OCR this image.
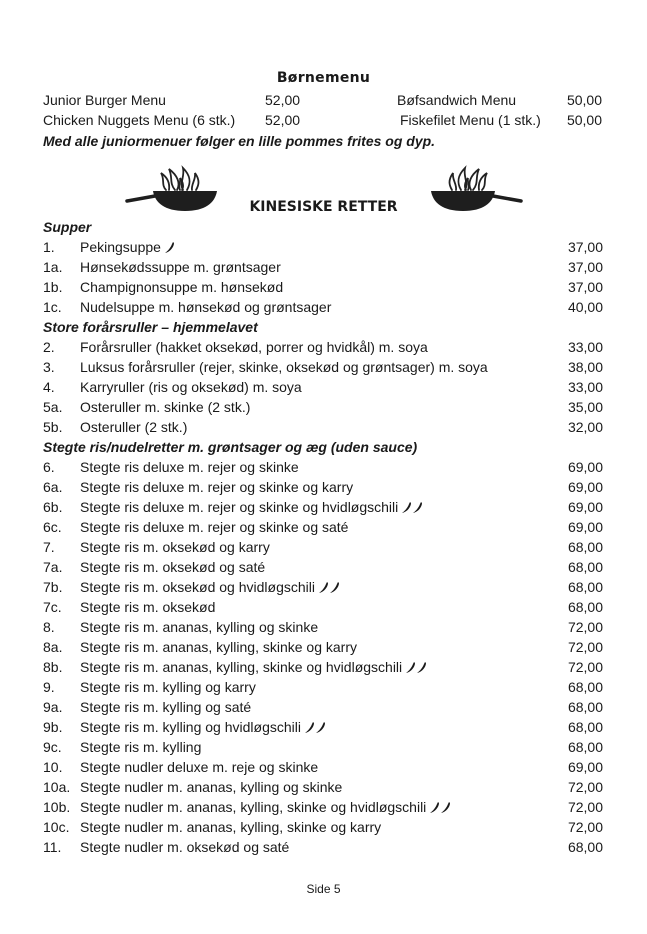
Børnemenu
Junior Burger Menu	52,00	Bøfsandwich Menu	50,00
Chicken Nuggets Menu (6 stk.) 52,00	Fiskefilet Menu (1 stk.) 50,00
Med alle juniormenuer følger en lille pommes frites og dyp.
KINESISKE RETTER
Supper
1. Pekingsuppe	37,00
1a. Hønsekødssuppe m. grøntsager	37,00
1b. Champignonsuppe m. hønsekød	37,00
1c. Nudelsuppe m. hønsekød og grøntsager	40,00
Store forårsruller – hjemmelavet
2. Forårsruller (hakket oksekød, porrer og hvidkål) m. soya	33,00
3. Luksus forårsruller (rejer, skinke, oksekød og grøntsager) m. soya	38,00
4. Karryruller (ris og oksekød) m. soya	33,00
5a. Osteruller m. skinke (2 stk.)	35,00
5b. Osteruller (2 stk.)	32,00
Stegte ris/nudelretter m. grøntsager og æg (uden sauce)
6. Stegte ris deluxe m. rejer og skinke	69,00
6a. Stegte ris deluxe m. rejer og skinke og karry	69,00
6b. Stegte ris deluxe m. rejer og skinke og hvidløgschili	69,00
6c. Stegte ris deluxe m. rejer og skinke og saté	69,00
7. Stegte ris m. oksekød og karry	68,00
7a. Stegte ris m. oksekød og saté	68,00
7b. Stegte ris m. oksekød og hvidløgschili	68,00
7c. Stegte ris m. oksekød	68,00
8. Stegte ris m. ananas, kylling og skinke	72,00
8a. Stegte ris m. ananas, kylling, skinke og karry	72,00
8b. Stegte ris m. ananas, kylling, skinke og hvidløgschili	72,00
9. Stegte ris m. kylling og karry	68,00
9a. Stegte ris m. kylling og saté	68,00
9b. Stegte ris m. kylling og hvidløgschili	68,00
9c. Stegte ris m. kylling	68,00
10. Stegte nudler deluxe m. reje og skinke	69,00
10a. Stegte nudler m. ananas, kylling og skinke	72,00
10b. Stegte nudler m. ananas, kylling, skinke og hvidløgschili	72,00
10c. Stegte nudler m. ananas, kylling, skinke og karry	72,00
11. Stegte nudler m. oksekød og saté	68,00
Side 5
